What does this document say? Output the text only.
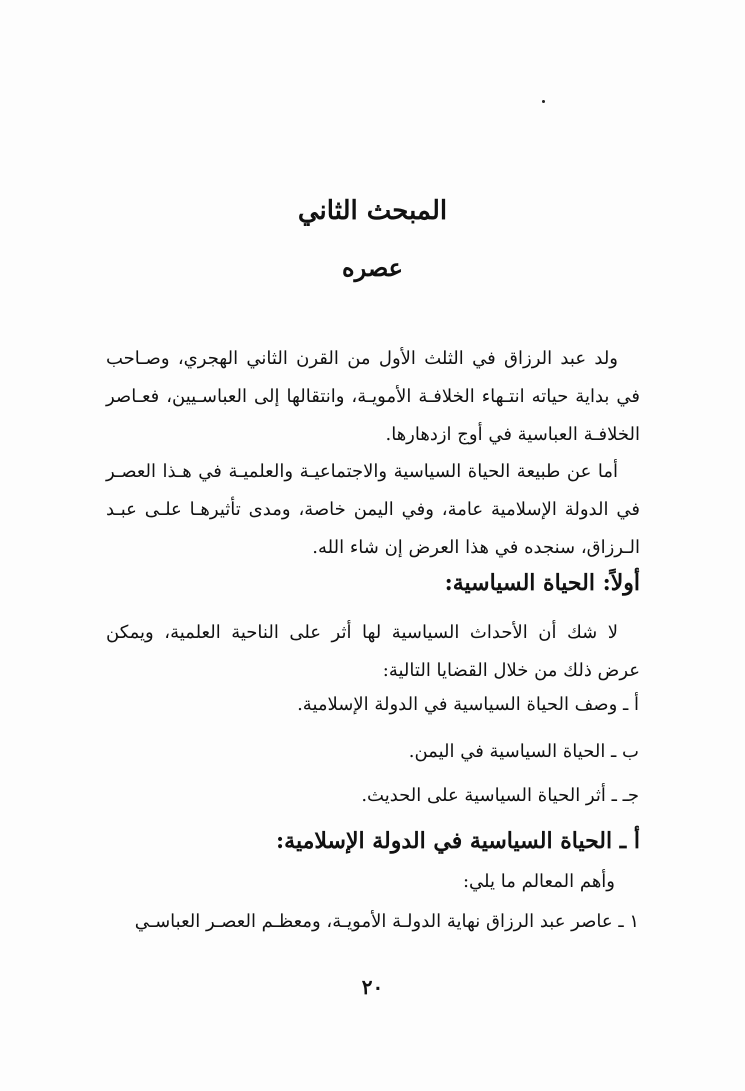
المبحث الثاني
عصره
ولد عبد الرزاق في الثلث الأول من القرن الثاني الهجري، وصـاحب في بداية حياته انتـهاء الخلافـة الأمويـة، وانتقالها إلى العباسـيين، فعـاصر الخلافـة العباسية في أوج ازدهارها.
أما عن طبيعة الحياة السياسية والاجتماعيـة والعلميـة في هـذا العصـر في الدولة الإسلامية عامة، وفي اليمن خاصة، ومدى تأثيرهـا علـى عبـد الـرزاق، سنجده في هذا العرض إن شاء الله.
أولاً: الحياة السياسية:
لا شك أن الأحداث السياسية لها أثر على الناحية العلمية، ويمكن عرض ذلك من خلال القضايا التالية:
أ ـ وصف الحياة السياسية في الدولة الإسلامية.
ب ـ الحياة السياسية في اليمن.
جـ ـ أثر الحياة السياسية على الحديث.
أ ـ الحياة السياسية في الدولة الإسلامية:
وأهم المعالم ما يلي:
١ ـ عاصر عبد الرزاق نهاية الدولـة الأمويـة، ومعظـم العصـر العباسـي
٢٠
